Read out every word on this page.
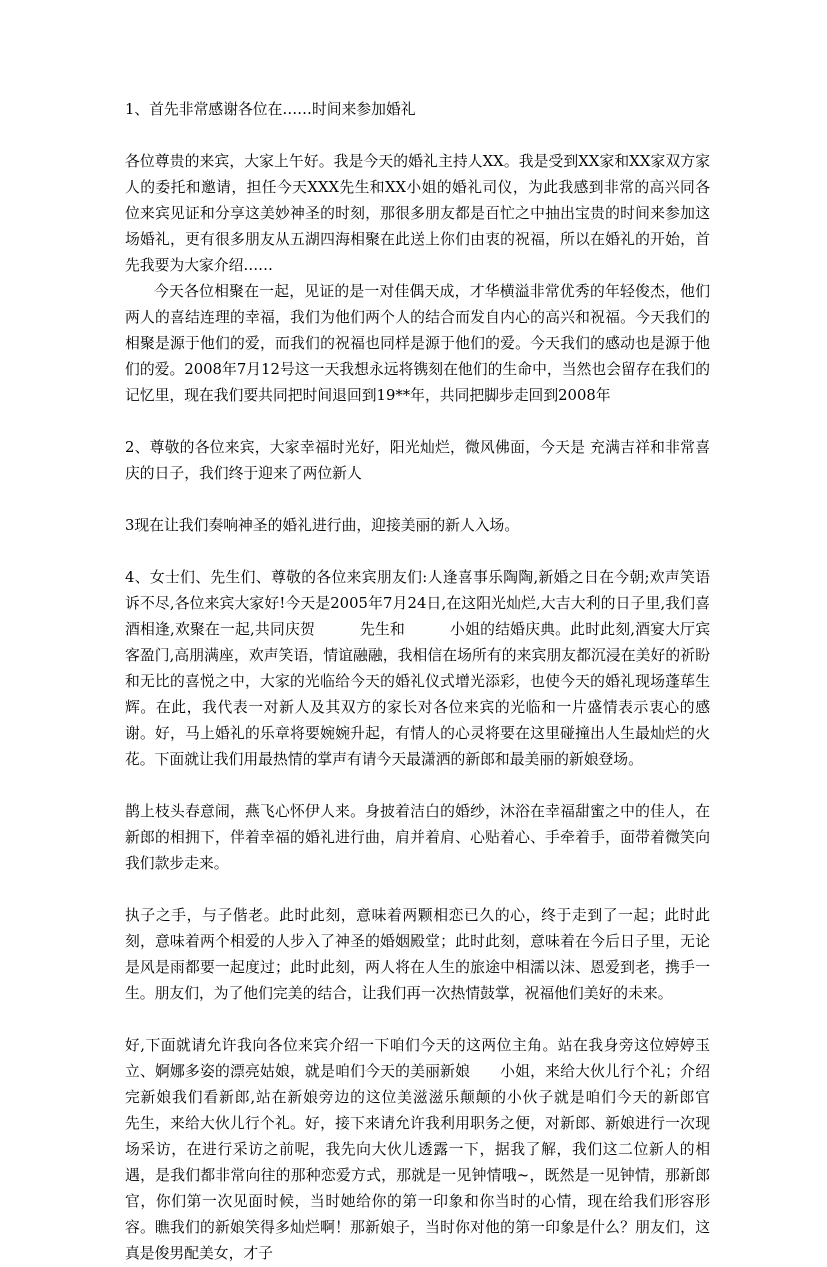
1、首先非常感谢各位在……时间来参加婚礼

各位尊贵的来宾，大家上午好。我是今天的婚礼主持人XX。我是受到XX家和XX家双方家人的委托和邀请，担任今天XXX先生和XX小姐的婚礼司仪，为此我感到非常的高兴同各位来宾见证和分享这美妙神圣的时刻，那很多朋友都是百忙之中抽出宝贵的时间来参加这场婚礼，更有很多朋友从五湖四海相聚在此送上你们由衷的祝福，所以在婚礼的开始，首先我要为大家介绍……

今天各位相聚在一起，见证的是一对佳偶天成，才华横溢非常优秀的年轻俊杰，他们两人的喜结连理的幸福，我们为他们两个人的结合而发自内心的高兴和祝福。今天我们的相聚是源于他们的爱，而我们的祝福也同样是源于他们的爱。今天我们的感动也是源于他们的爱。2008年7月12号这一天我想永远将镌刻在他们的生命中，当然也会留存在我们的记忆里，现在我们要共同把时间退回到19**年，共同把脚步走回到2008年

2、尊敬的各位来宾，大家幸福时光好，阳光灿烂，微风佛面，今天是 充满吉祥和非常喜庆的日子，我们终于迎来了两位新人

3现在让我们奏响神圣的婚礼进行曲，迎接美丽的新人入场。

4、女士们、先生们、尊敬的各位来宾朋友们:人逢喜事乐陶陶,新婚之日在今朝;欢声笑语诉不尽,各位来宾大家好!今天是2005年7月24日,在这阳光灿烂,大吉大利的日子里,我们喜酒相逢,欢聚在一起,共同庆贺　　　先生和　　　小姐的结婚庆典。此时此刻,酒宴大厅宾客盈门,高朋满座，欢声笑语，情谊融融，我相信在场所有的来宾朋友都沉浸在美好的祈盼和无比的喜悦之中，大家的光临给今天的婚礼仪式增光添彩，也使今天的婚礼现场蓬荜生辉。在此，我代表一对新人及其双方的家长对各位来宾的光临和一片盛情表示衷心的感谢。好，马上婚礼的乐章将要婉婉升起，有情人的心灵将要在这里碰撞出人生最灿烂的火花。下面就让我们用最热情的掌声有请今天最潇洒的新郎和最美丽的新娘登场。

鹊上枝头春意闹，燕飞心怀伊人来。身披着洁白的婚纱，沐浴在幸福甜蜜之中的佳人，在新郎的相拥下，伴着幸福的婚礼进行曲，肩并着肩、心贴着心、手牵着手，面带着微笑向我们款步走来。

执子之手，与子偕老。此时此刻，意味着两颗相恋已久的心，终于走到了一起；此时此刻，意味着两个相爱的人步入了神圣的婚姻殿堂；此时此刻，意味着在今后日子里，无论是风是雨都要一起度过；此时此刻，两人将在人生的旅途中相濡以沫、恩爱到老，携手一生。朋友们，为了他们完美的结合，让我们再一次热情鼓掌，祝福他们美好的未来。

好,下面就请允许我向各位来宾介绍一下咱们今天的这两位主角。站在我身旁这位婷婷玉立、婀娜多姿的漂亮姑娘，就是咱们今天的美丽新娘　　小姐，来给大伙儿行个礼；介绍完新娘我们看新郎,站在新娘旁边的这位美滋滋乐颠颠的小伙子就是咱们今天的新郎官　　先生，来给大伙儿行个礼。好，接下来请允许我利用职务之便，对新郎、新娘进行一次现场采访，在进行采访之前呢，我先向大伙儿透露一下，据我了解，我们这二位新人的相遇，是我们都非常向往的那种恋爱方式，那就是一见钟情哦~，既然是一见钟情，那新郎官，你们第一次见面时候，当时她给你的第一印象和你当时的心情，现在给我们形容形容。瞧我们的新娘笑得多灿烂啊！那新娘子，当时你对他的第一印象是什么？朋友们，这真是俊男配美女，才子
